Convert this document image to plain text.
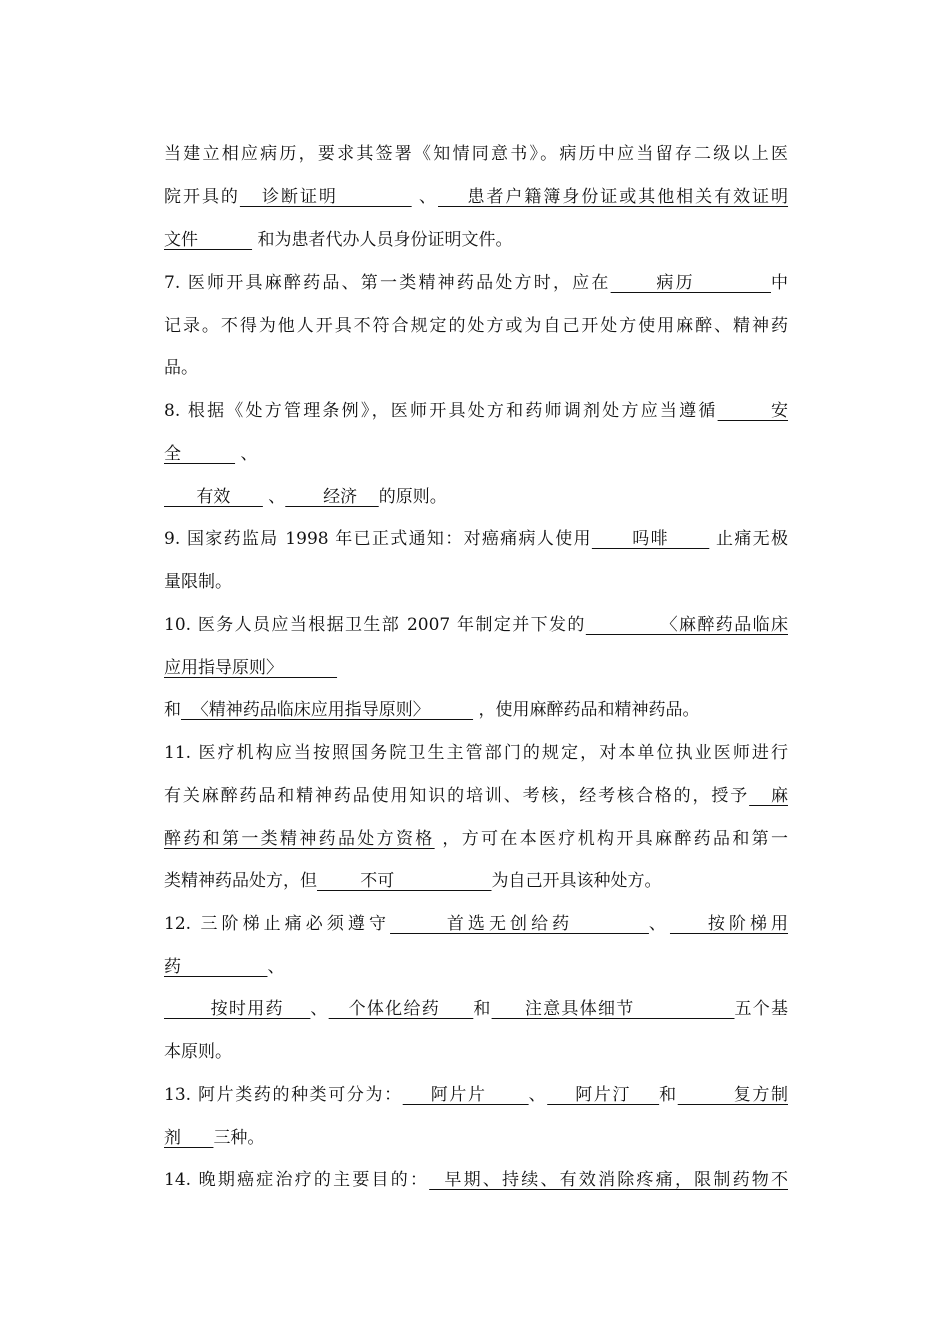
当建立相应病历，要求其签署《知情同意书》。病历中应当留存二级以上医
院开具的   诊断证明           、    患者户籍簿身份证或其他相关有效证明
文件           和为患者代办人员身份证明文件。
7. 医师开具麻醉药品、第一类精神药品处方时，应在      病历          中
记录。不得为他人开具不符合规定的处方或为自己开处方使用麻醉、精神药
品。
8. 根据《处方管理条例》，医师开具处方和药师调剂处方应当遵循       安
全           、
有效       、       经济    的原则。
9. 国家药监局 1998 年已正式通知：对癌痛病人使用      吗啡       止痛无极
量限制。
10. 医务人员应当根据卫生部 2007 年制定并下发的           〈麻醉药品临床
应用指导原则〉
和  〈精神药品临床应用指导原则〉         ，使用麻醉药品和精神药品。
11. 医疗机构应当按照国务院卫生主管部门的规定，对本单位执业医师进行
有关麻醉药品和精神药品使用知识的培训、考核，经考核合格的，授予   麻
醉药和第一类精神药品处方资格 ，方可在本医疗机构开具麻醉药品和第一
类精神药品处方，但        不可                  为自己开具该种处方。
12. 三阶梯止痛必须遵守      首选无创给药        、    按阶梯用
药                、
按时用药    、   个体化给药     和     注意具体细节               五个基
本原则。
13. 阿片类药的种类可分为：    阿片片      、    阿片汀    和        复方制
剂      三种。
14. 晚期癌症治疗的主要目的：  早期、持续、有效消除疼痛，限制药物不
